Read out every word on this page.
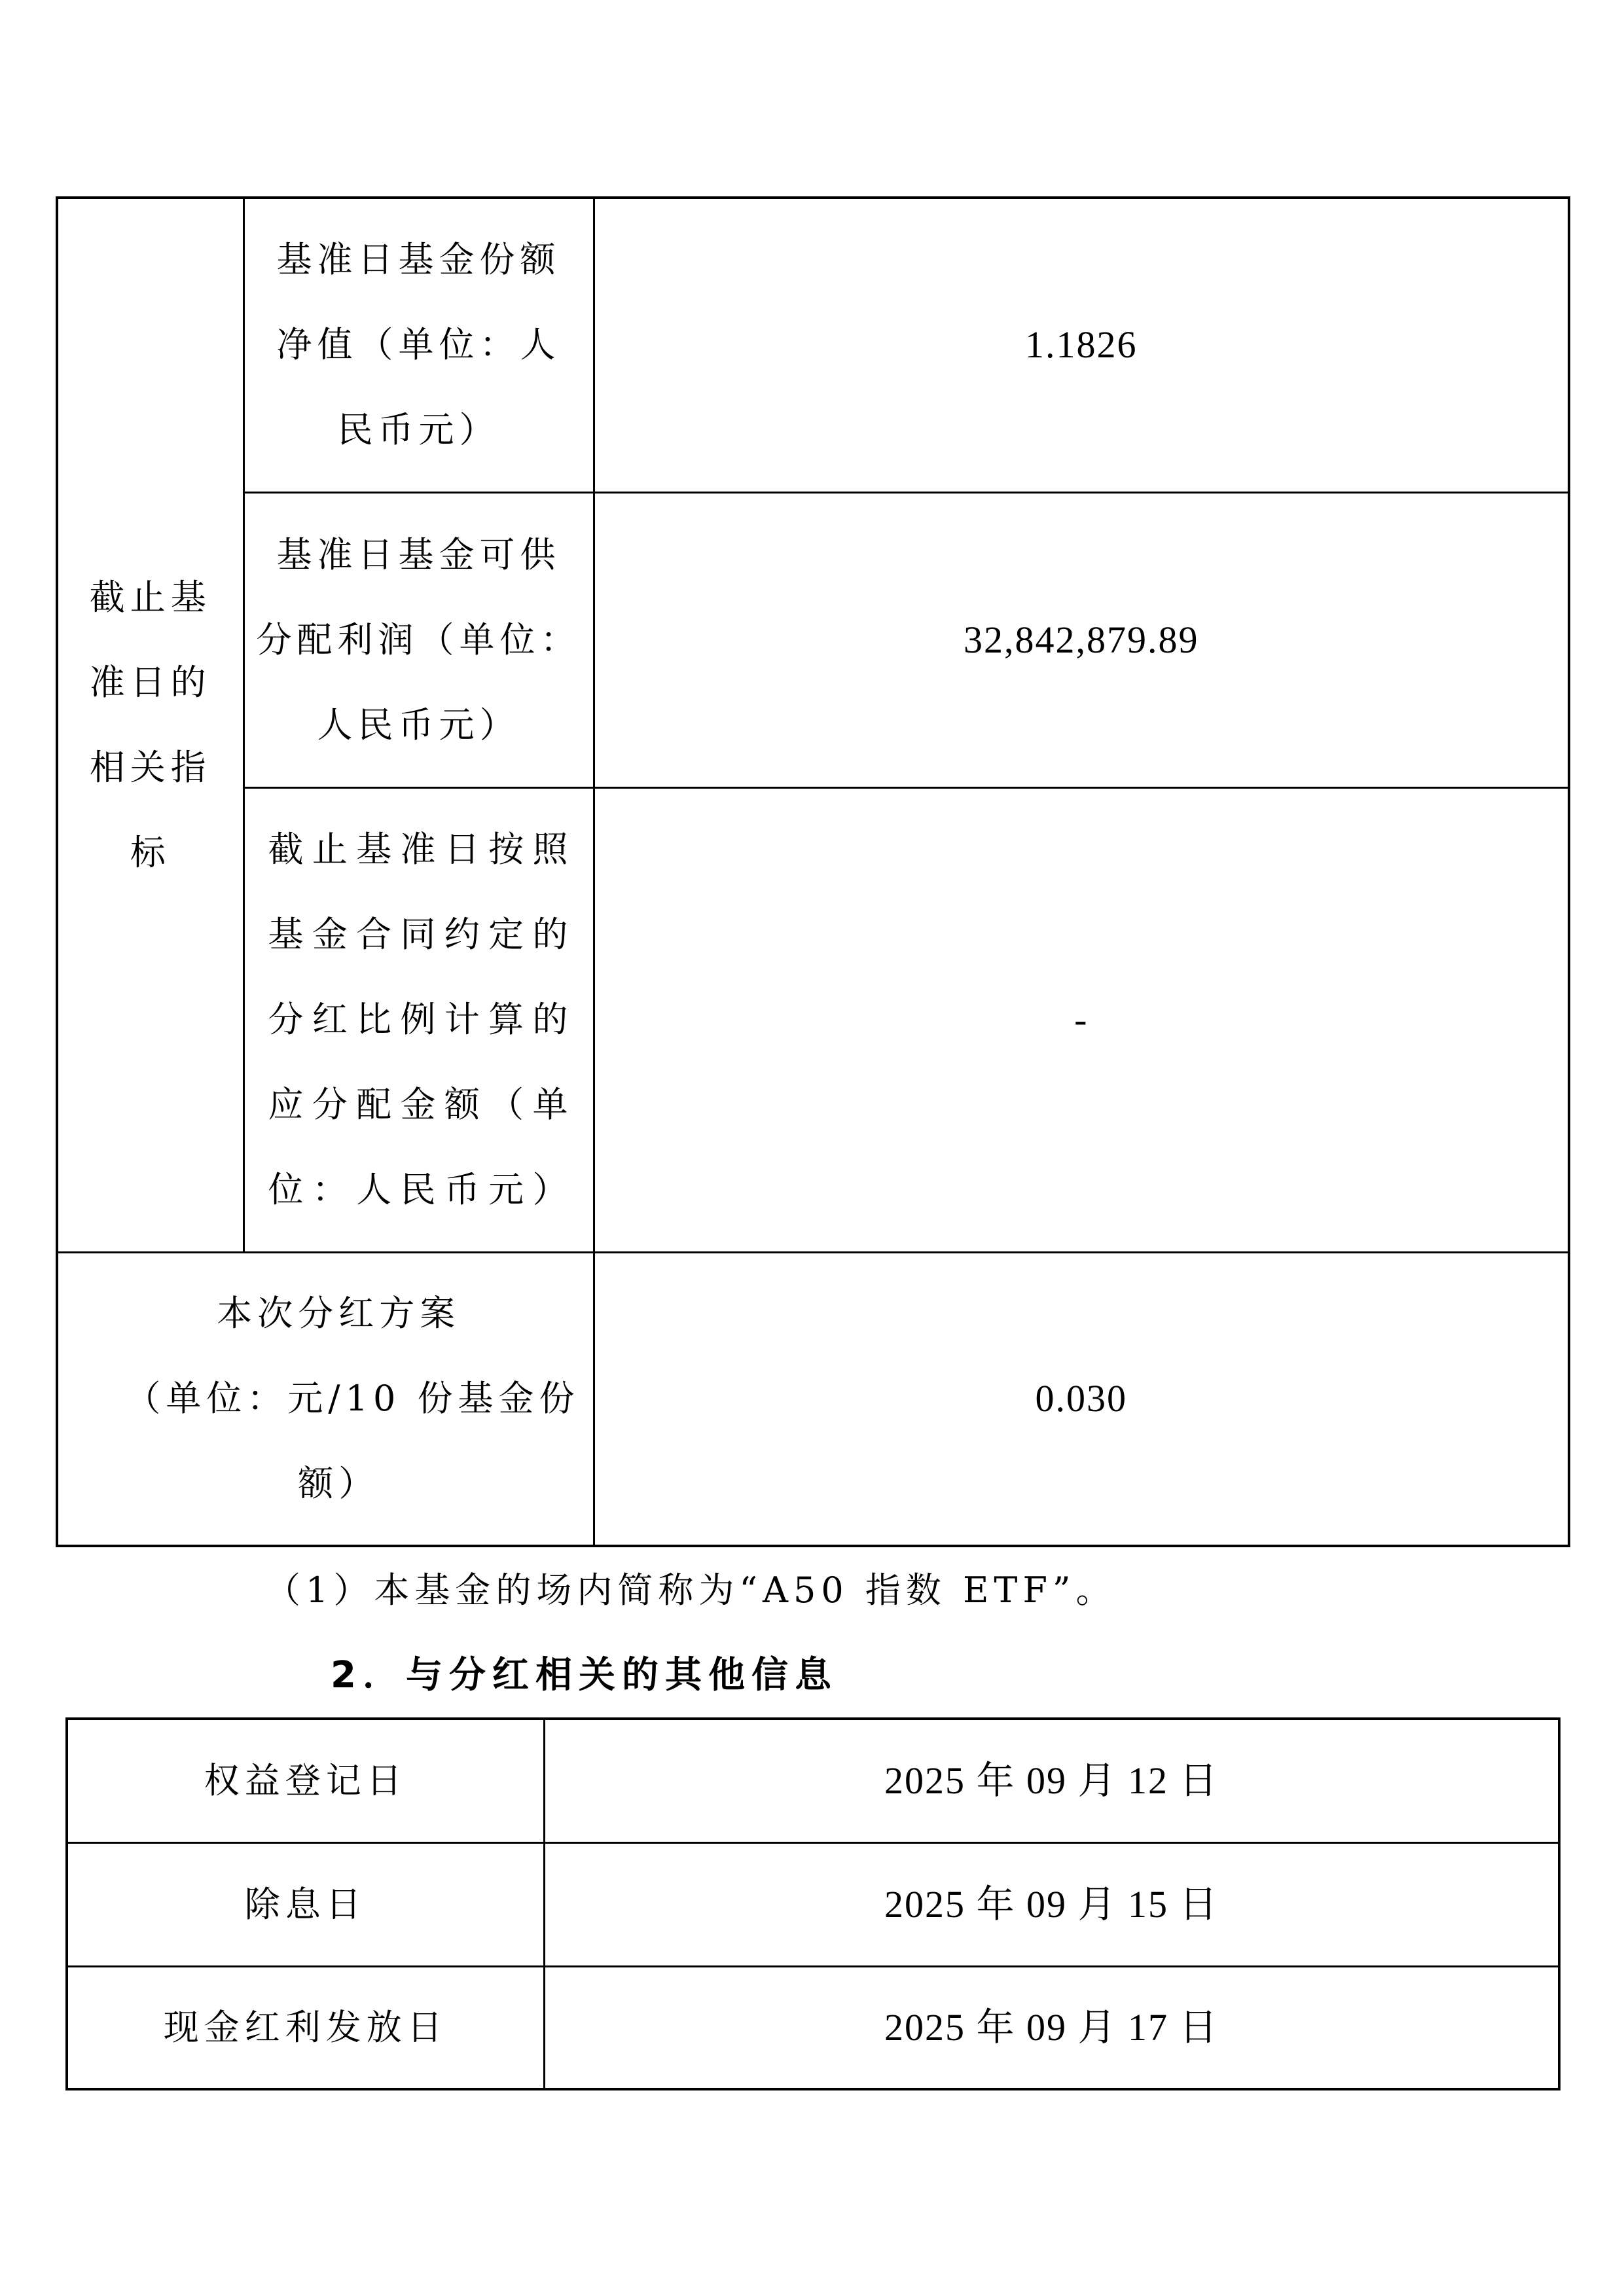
截止基
准日的
相关指
标	基准日基金份额
净值（单位：人
民币元）	1.1826

	基准日基金可供
分配利润（单位：
人民币元）	32,842,879.89

	截止基准日按照
基金合同约定的
分红比例计算的
应分配金额（单
位：人民币元）	-

本次分红方案
（单位：元/10 份基金份
额）		0.030
（1）本基金的场内简称为“A50 指数 ETF”。
2．与分红相关的其他信息
权益登记日	2025 年 09 月 12 日
除息日	2025 年 09 月 15 日
现金红利发放日	2025 年 09 月 17 日
